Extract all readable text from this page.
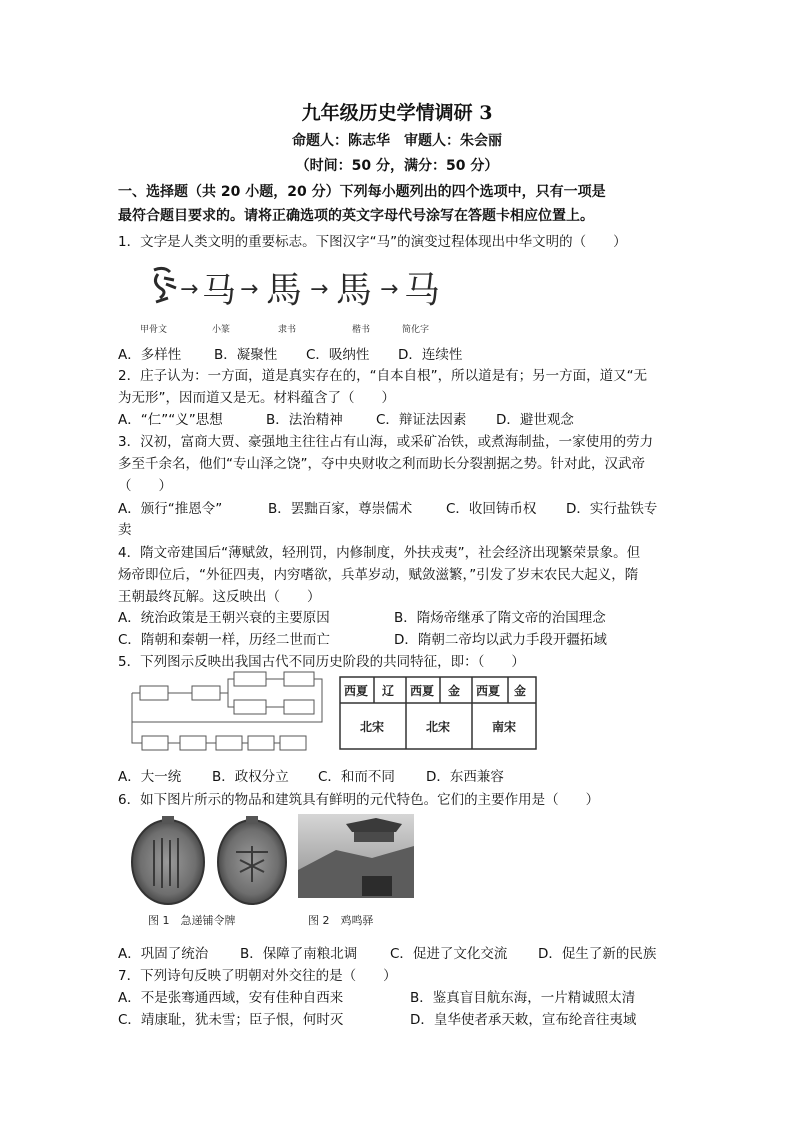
九年级历史学情调研 3
命题人：陈志华　审题人：朱会丽
（时间：50 分，满分：50 分）
一、选择题（共 20 小题，20 分）下列每小题列出的四个选项中，只有一项是
最符合题目要求的。请将正确选项的英文字母代号涂写在答题卡相应位置上。
1．文字是人类文明的重要标志。下图汉字“马”的演变过程体现出中华文明的（　　）
→ 马 → 馬 → 馬 → 马
甲骨文	小篆	隶书	楷书	简化字
A．多样性 B．凝聚性 C．吸纳性 D．连续性
2．庄子认为：一方面，道是真实存在的，“自本自根”，所以道是有；另一方面，道又“无
为无形”，因而道又是无。材料蕴含了（　　）
A．“仁”“义”思想	B．法治精神 C．辩证法因素 D．避世观念
3．汉初，富商大贾、豪强地主往往占有山海，或采矿冶铁，或煮海制盐，一家使用的劳力
多至千余名，他们“专山泽之饶”，夺中央财收之利而助长分裂割据之势。针对此，汉武帝
（　　）
A．颁行“推恩令”	B．罢黜百家，尊崇儒术 C．收回铸币权 D．实行盐铁专
卖
4．隋文帝建国后“薄赋敛，轻刑罚，内修制度，外扶戎夷”，社会经济出现繁荣景象。但
炀帝即位后，“外征四夷，内穷嗜欲，兵革岁动，赋敛滋繁，”引发了岁末农民大起义，隋
王朝最终瓦解。这反映出（　　）
A．统治政策是王朝兴衰的主要原因	B．隋炀帝继承了隋文帝的治国理念
C．隋朝和秦朝一样，历经二世而亡	D．隋朝二帝均以武力手段开疆拓域
5．下列图示反映出我国古代不同历史阶段的共同特征，即：（　　）
西夏 辽 西夏 金 西夏 金
北宋	北宋	南宋
A．大一统 B．政权分立 C．和而不同 D．东西兼容
6．如下图片所示的物品和建筑具有鲜明的元代特色。它们的主要作用是（　　）
图 1　急递铺令牌	图 2　鸡鸣驿
A．巩固了统治 B．保障了南粮北调 C．促进了文化交流 D．促生了新的民族
7．下列诗句反映了明朝对外交往的是（　　）
A．不是张骞通西域，安有佳种自西来	B．鉴真盲目航东海，一片精诚照太清
C．靖康耻，犹未雪；臣子恨，何时灭	D．皇华使者承天敕，宣布纶音往夷域
